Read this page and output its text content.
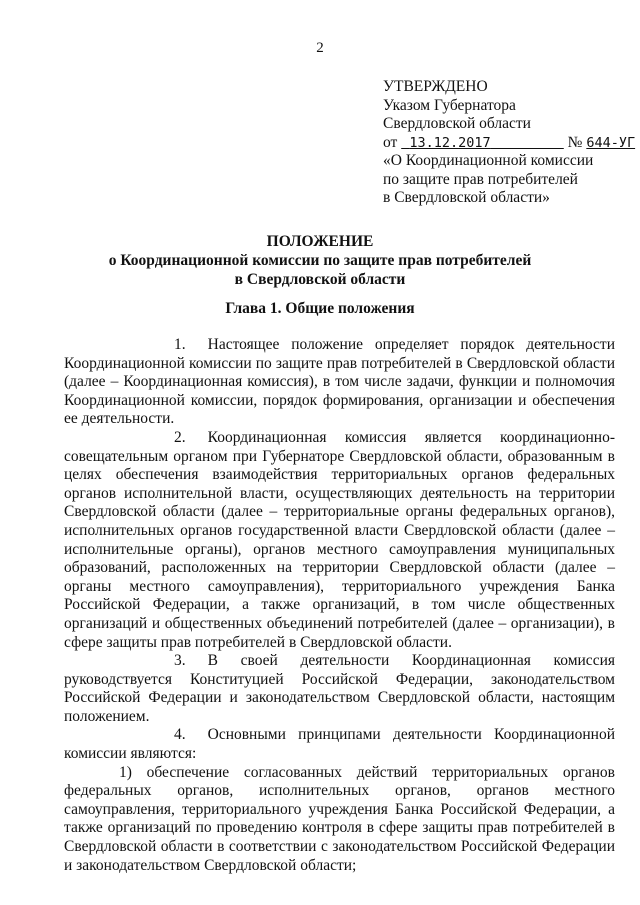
2
УТВЕРЖДЕНО
Указом Губернатора
Свердловской области
от 13.12.2017	№ 644-УГ
«О Координационной комиссии
по защите прав потребителей
в Свердловской области»
ПОЛОЖЕНИЕ
о Координационной комиссии по защите прав потребителей
в Свердловской области
Глава 1. Общие положения

1. Настоящее положение определяет порядок деятельности Координационной комиссии по защите прав потребителей в Свердловской области (далее – Координационная комиссия), в том числе задачи, функции и полномочия Координационной комиссии, порядок формирования, организации и обеспечения ее деятельности.

2. Координационная комиссия является координационно-совещательным органом при Губернаторе Свердловской области, образованным в целях обеспечения взаимодействия территориальных органов федеральных органов исполнительной власти, осуществляющих деятельность на территории Свердловской области (далее – территориальные органы федеральных органов), исполнительных органов государственной власти Свердловской области (далее – исполнительные органы), органов местного самоуправления муниципальных образований, расположенных на территории Свердловской области (далее – органы местного самоуправления), территориального учреждения Банка Российской Федерации, а также организаций, в том числе общественных организаций и общественных объединений потребителей (далее – организации), в сфере защиты прав потребителей в Свердловской области.

3. В своей деятельности Координационная комиссия руководствуется Конституцией Российской Федерации, законодательством Российской Федерации и законодательством Свердловской области, настоящим положением.

4. Основными принципами деятельности Координационной комиссии являются:

1) обеспечение согласованных действий территориальных органов федеральных органов, исполнительных органов, органов местного самоуправления, территориального учреждения Банка Российской Федерации, а также организаций по проведению контроля в сфере защиты прав потребителей в Свердловской области в соответствии с законодательством Российской Федерации и законодательством Свердловской области;
